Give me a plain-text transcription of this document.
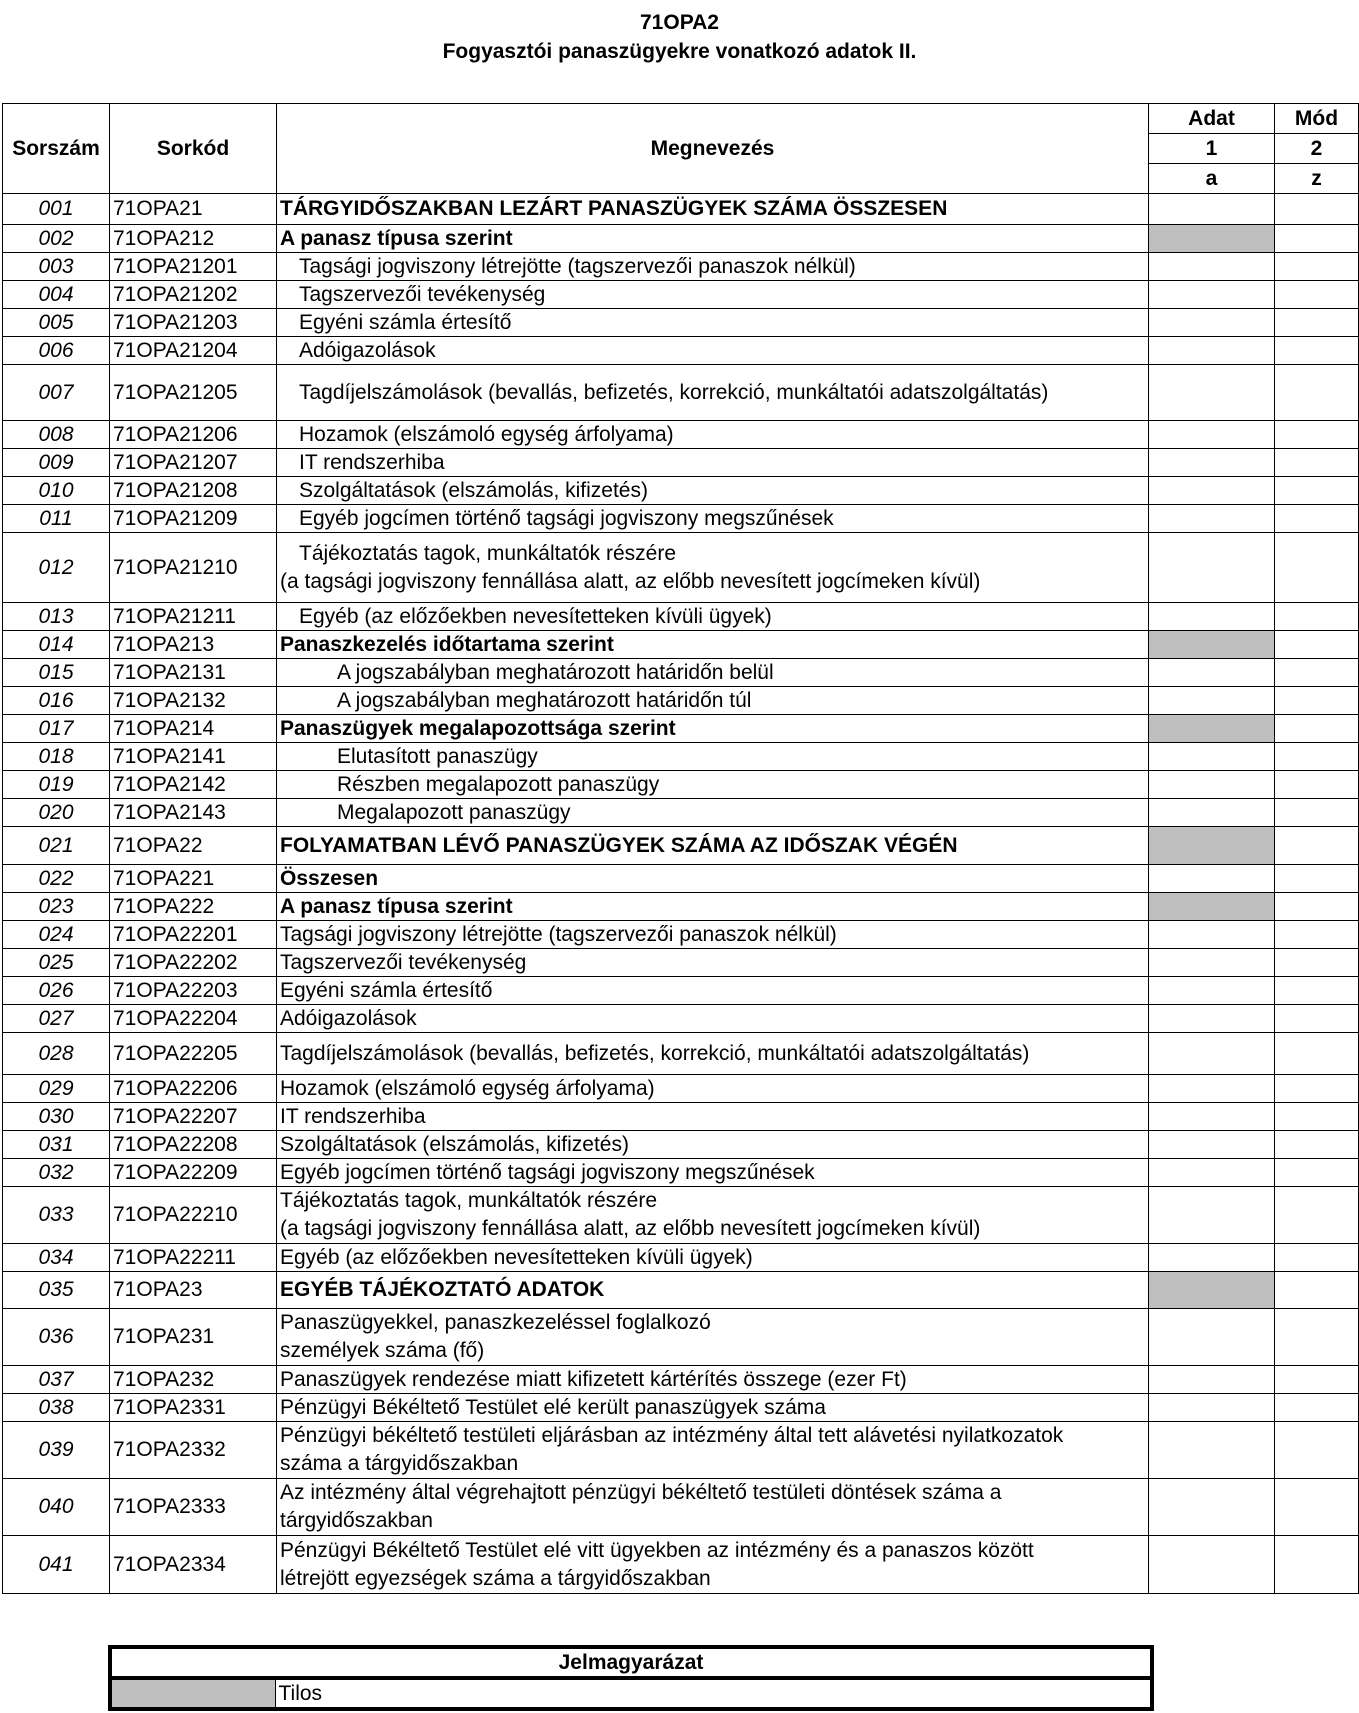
71OPA2
Fogyasztói panaszügyekre vonatkozó adatok II.
Sorszám	Sorkód	Megnevezés	Adat	Mód
			1	2
			a	z
001	71OPA21	TÁRGYIDŐSZAKBAN LEZÁRT PANASZÜGYEK SZÁMA ÖSSZESEN		
002	71OPA212	A panasz típusa szerint		
003	71OPA21201	Tagsági jogviszony létrejötte (tagszervezői panaszok nélkül)		
004	71OPA21202	Tagszervezői tevékenység		
005	71OPA21203	Egyéni számla értesítő		
006	71OPA21204	Adóigazolások		
007	71OPA21205	Tagdíjelszámolások (bevallás, befizetés, korrekció, munkáltatói adatszolgáltatás)		
008	71OPA21206	Hozamok (elszámoló egység árfolyama)		
009	71OPA21207	IT rendszerhiba		
010	71OPA21208	Szolgáltatások (elszámolás, kifizetés)		
011	71OPA21209	Egyéb jogcímen történő tagsági jogviszony megszűnések		
012	71OPA21210	Tájékoztatás tagok, munkáltatók részére
(a tagsági jogviszony fennállása alatt, az előbb nevesített jogcímeken kívül)		

013	71OPA21211	Egyéb (az előzőekben nevesítetteken kívüli ügyek)		
014	71OPA213	Panaszkezelés időtartama szerint		
015	71OPA2131	A jogszabályban meghatározott határidőn belül		
016	71OPA2132	A jogszabályban meghatározott határidőn túl		
017	71OPA214	Panaszügyek megalapozottsága szerint		
018	71OPA2141	Elutasított panaszügy		
019	71OPA2142	Részben megalapozott panaszügy		
020	71OPA2143	Megalapozott panaszügy		
021	71OPA22	FOLYAMATBAN LÉVŐ PANASZÜGYEK SZÁMA AZ IDŐSZAK VÉGÉN		
022	71OPA221	Összesen		
023	71OPA222	A panasz típusa szerint		
024	71OPA22201	Tagsági jogviszony létrejötte (tagszervezői panaszok nélkül)		
025	71OPA22202	Tagszervezői tevékenység		
026	71OPA22203	Egyéni számla értesítő		
027	71OPA22204	Adóigazolások		
028	71OPA22205	Tagdíjelszámolások (bevallás, befizetés, korrekció, munkáltatói adatszolgáltatás)		
029	71OPA22206	Hozamok (elszámoló egység árfolyama)		
030	71OPA22207	IT rendszerhiba		
031	71OPA22208	Szolgáltatások (elszámolás, kifizetés)		
032	71OPA22209	Egyéb jogcímen történő tagsági jogviszony megszűnések		
033	71OPA22210	Tájékoztatás tagok, munkáltatók részére
(a tagsági jogviszony fennállása alatt, az előbb nevesített jogcímeken kívül)		

034	71OPA22211	Egyéb (az előzőekben nevesítetteken kívüli ügyek)		
035	71OPA23	EGYÉB TÁJÉKOZTATÓ ADATOK		
036	71OPA231	Panaszügyekkel, panaszkezeléssel foglalkozó
személyek száma (fő)		

037	71OPA232	Panaszügyek rendezése miatt kifizetett kártérítés összege (ezer Ft)		
038	71OPA2331	Pénzügyi Békéltető Testület elé került panaszügyek száma		
039	71OPA2332	Pénzügyi békéltető testületi eljárásban az intézmény által tett alávetési nyilatkozatok
száma a tárgyidőszakban		

040	71OPA2333	Az intézmény által végrehajtott pénzügyi békéltető testületi döntések száma a
tárgyidőszakban		

041	71OPA2334	Pénzügyi Békéltető Testület elé vitt ügyekben az intézmény és a panaszos között
létrejött egyezségek száma a tárgyidőszakban		

Jelmagyarázat
	Tilos
